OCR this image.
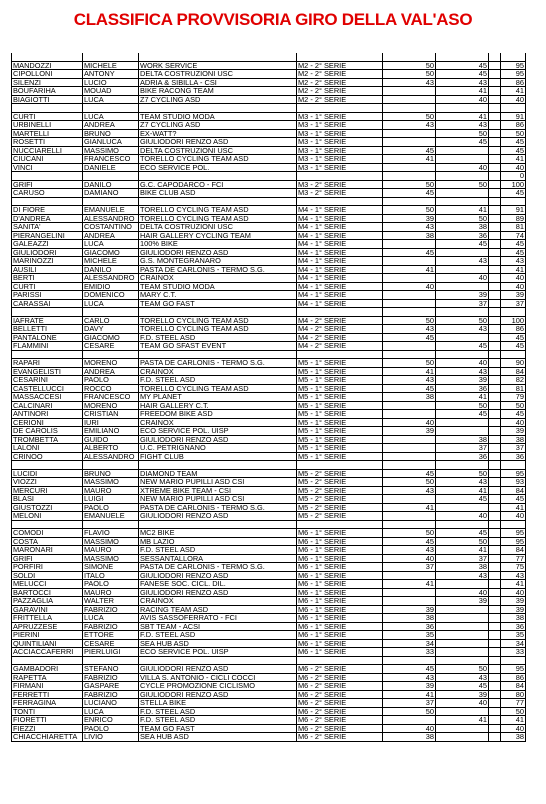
CLASSIFICA PROVVISORIA GIRO DELLA VAL'ASO

MANDOZZI	MICHELE	WORK SERVICE	M2 - 2° SERIE	50	45		95
CIPOLLONI	ANTONY	DELTA COSTRUZIONI USC	M2 - 2° SERIE	50	45		95
SILENZI	LUCIO	ADRIA & SIBILLA - CSI	M2 - 2° SERIE	43	43		86
BOUFARIHA	MOUAD	BIKE RACONG TEAM	M2 - 2° SERIE		41		41
BIAGIOTTI	LUCA	Z7 CYCLING ASD	M2 - 2° SERIE		40		40

CURTI	LUCA	TEAM STUDIO MODA	M3 - 1° SERIE	50	41		91
URBINELLI	ANDREA	Z7 CYCLING ASD	M3 - 1° SERIE	43	43		86
MARTELLI	BRUNO	EX-WATT?	M3 - 1° SERIE		50		50
ROSETTI	GIANLUCA	GIULIODORI RENZO ASD	M3 - 1° SERIE		45		45
NUCCIARELLI	MASSIMO	DELTA COSTRUZIONI USC	M3 - 1° SERIE	45			45
CIUCANI	FRANCESCO	TORELLO CYCLING TEAM ASD	M3 - 1° SERIE	41			41
VINCI	DANIELE	ECO SERVICE POL.	M3 - 1° SERIE		40		40
							0
GRIFI	DANILO	G.C. CAPODARCO - FCI	M3 - 2° SERIE	50	50		100
CARUSO	DAMIANO	BIKE CLUB ASD	M3 - 2° SERIE	45			45

DI FIORE	EMANUELE	TORELLO CYCLING TEAM ASD	M4 - 1° SERIE	50	41		91
D'ANDREA	ALESSANDRO	TORELLO CYCLING TEAM ASD	M4 - 1° SERIE	39	50		89
SANITA'	COSTANTINO	DELTA COSTRUZIONI USC	M4 - 1° SERIE	43	38		81
PIERANGELINI	ANDREA	HAIR GALLERY CYCLING TEAM	M4 - 1° SERIE	38	36		74
GALEAZZI	LUCA	100% BIKE	M4 - 1° SERIE		45		45
GIULIODORI	GIACOMO	GIULIODORI RENZO ASD	M4 - 1° SERIE	45			45
MARINOZZI	MICHELE	G.S. MONTEGRANARO	M4 - 1° SERIE		43		43
AUSILI	DANILO	PASTA DE CARLONIS - TERMO S.G.	M4 - 1° SERIE	41			41
BERTI	ALESSANDRO	CRAINOX	M4 - 1° SERIE		40		40
CURTI	EMIDIO	TEAM STUDIO MODA	M4 - 1° SERIE	40			40
PARISSI	DOMENICO	MARY C.T.	M4 - 1° SERIE		39		39
CARASSAI	LUCA	TEAM GO FAST	M4 - 1° SERIE		37		37

IAFRATE	CARLO	TORELLO CYCLING TEAM ASD	M4 - 2° SERIE	50	50		100
BELLETTI	DAVY	TORELLO CYCLING TEAM ASD	M4 - 2° SERIE	43	43		86
PANTALONE	GIACOMO	F.D. STEEL ASD	M4 - 2° SERIE	45			45
FLAMMINI	CESARE	TEAM GO SFAST EVENT	M4 - 2° SERIE		45		45

RAPARI	MORENO	PASTA DE CARLONIS - TERMO S.G.	M5 - 1° SERIE	50	40		90
EVANGELISTI	ANDREA	CRAINOX	M5 - 1° SERIE	41	43		84
CESARINI	PAOLO	F.D. STEEL ASD	M5 - 1° SERIE	43	39		82
CASTELLUCCI	ROCCO	TORELLO CYCLING TEAM ASD	M5 - 1° SERIE	45	36		81
MASSACCESI	FRANCESCO	MY PLANET	M5 - 1° SERIE	38	41		79
CALCINARI	MORENO	HAIR GALLERY C.T.	M5 - 1° SERIE		50		50
ANTINORI	CRISTIAN	FREEDOM BIKE ASD	M5 - 1° SERIE		45		45
CERIONI	IURI	CRAINOX	M5 - 1° SERIE	40			40
DE CAROLIS	EMILIANO	ECO SERVICE POL. UISP	M5 - 1° SERIE	39			39
TROMBETTA	GUIDO	GIULIODORI RENZO ASD	M5 - 1° SERIE		38		38
LALONI	ALBERTO	U.C. PETRIGNANO	M5 - 1° SERIE		37		37
CRINOO	ALESSANDRO	FIGHT CLUB	M5 - 1° SERIE		36		36

LUCIDI	BRUNO	DIAMOND TEAM	M5 - 2° SERIE	45	50		95
VIOZZI	MASSIMO	NEW MARIO PUPILLI ASD CSI	M5 - 2° SERIE	50	43		93
MERCURI	MAURO	XTREME BIKE TEAM - CSI	M5 - 2° SERIE	43	41		84
BLASI	LUIGI	NEW MARIO PUPILLI ASD CSI	M5 - 2° SERIE		45		45
GIUSTOZZI	PAOLO	PASTA DE CARLONIS - TERMO S.G.	M5 - 2° SERIE	41			41
MELONI	EMANUELE	GIULIODORI RENZO ASD	M5 - 2° SERIE		40		40

COMODI	FLAVIO	MC2 BIKE	M6 - 1° SERIE	50	45		95
COSTA	MASSIMO	MB LAZIO	M6 - 1° SERIE	45	50		95
MARONARI	MAURO	F.D. STEEL ASD	M6 - 1° SERIE	43	41		84
GRIFI	MASSIMO	SESSANTALLORA	M6 - 1° SERIE	40	37		77
PORFIRI	SIMONE	PASTA DE CARLONIS - TERMO S.G.	M6 - 1° SERIE	37	38		75
SOLDI	ITALO	GIULIODORI RENZO ASD	M6 - 1° SERIE		43		43
MELUCCI	PAOLO	FANESE SOC. CICL. DIL.	M6 - 1° SERIE	41			41
BARTOCCI	MAURO	GIULIODORI RENZO ASD	M6 - 1° SERIE		40		40
PAZZAGLIA	WALTER	CRAINOX	M6 - 1° SERIE		39		39
GARAVINI	FABRIZIO	RACING TEAM ASD	M6 - 1° SERIE	39			39
FRITTELLA	LUCA	AVIS SASSOFERRATO - FCI	M6 - 1° SERIE	38			38
APRUZZESE	FABRIZIO	SBT TEAM - ACSI	M6 - 1° SERIE	36			36
PIERINI	ETTORE	F.D. STEEL ASD	M6 - 1° SERIE	35			35
QUINTILIANI	CESARE	SEA HUB ASD	M6 - 1° SERIE	34			34
ACCIACCAFERRI	PIERLUIGI	ECO SERVICE POL. UISP	M6 - 1° SERIE	33			33

GAMBADORI	STEFANO	GIULIODORI RENZO ASD	M6 - 2° SERIE	45	50		95
RAPETTA	FABRIZIO	VILLA S. ANTONIO - CICLI COCCI	M6 - 2° SERIE	43	43		86
FIRMANI	GASPARE	CYCLE PROMOZIONE CICLISMO	M6 - 2° SERIE	39	45		84
FERRETTI	FABRIZIO	GIULIODORI RENZO ASD	M6 - 2° SERIE	41	39		80
FERRAGINA	LUCIANO	STELLA BIKE	M6 - 2° SERIE	37	40		77
TONTI	LUCA	F.D. STEEL ASD	M6 - 2° SERIE	50			50
FIORETTI	ENRICO	F.D. STEEL ASD	M6 - 2° SERIE		41		41
FIEZZI	PAOLO	TEAM GO FAST	M6 - 2° SERIE	40			40
CHIACCHIARETTA	LIVIO	SEA HUB ASD	M6 - 2° SERIE	38			38
